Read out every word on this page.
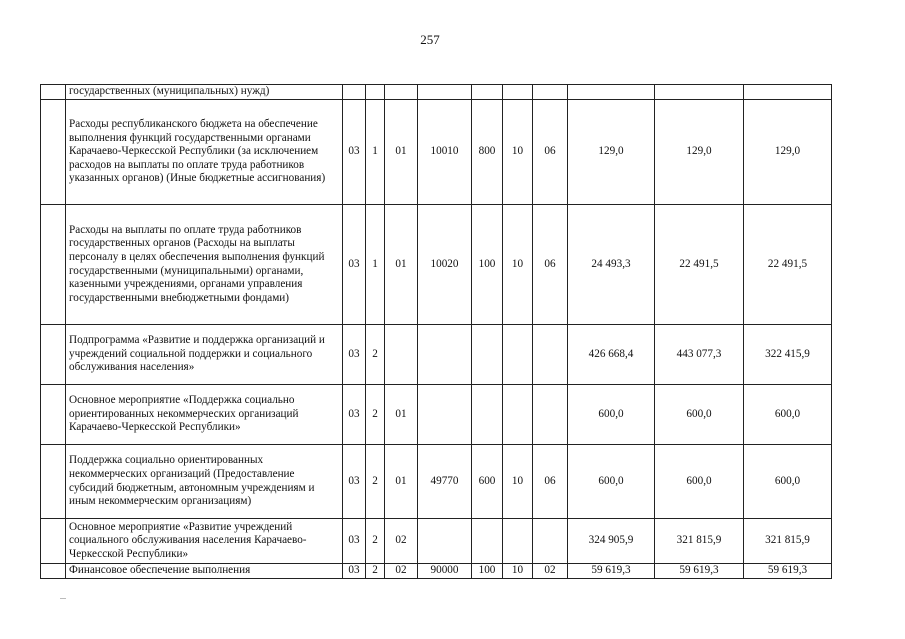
257
	государственных (муниципальных) нужд)										
	Расходы республиканского бюджета на обеспечение выполнения функций государственными органами Карачаево-Черкесской Республики (за исключением расходов на выплаты по оплате труда работников указанных органов) (Иные бюджетные ассигнования)	03	1	01	10010	800	10	06	129,0	129,0	129,0
	Расходы на выплаты по оплате труда работников государственных органов (Расходы на выплаты персоналу в целях обеспечения выполнения функций государственными (муниципальными) органами, казенными учреждениями, органами управления государственными внебюджетными фондами)	03	1	01	10020	100	10	06	24 493,3	22 491,5	22 491,5
	Подпрограмма «Развитие и поддержка организаций и учреждений социальной поддержки и социального обслуживания населения»	03	2						426 668,4	443 077,3	322 415,9
	Основное мероприятие «Поддержка социально ориентированных некоммерческих организаций Карачаево-Черкесской Республики»	03	2	01					600,0	600,0	600,0
	Поддержка социально ориентированных некоммерческих организаций (Предоставление субсидий бюджетным, автономным учреждениям и иным некоммерческим организациям)	03	2	01	49770	600	10	06	600,0	600,0	600,0
	Основное мероприятие «Развитие учреждений социального обслуживания населения Карачаево-Черкесской Республики»	03	2	02					324 905,9	321 815,9	321 815,9
	Финансовое обеспечение выполнения	03	2	02	90000	100	10	02	59 619,3	59 619,3	59 619,3
